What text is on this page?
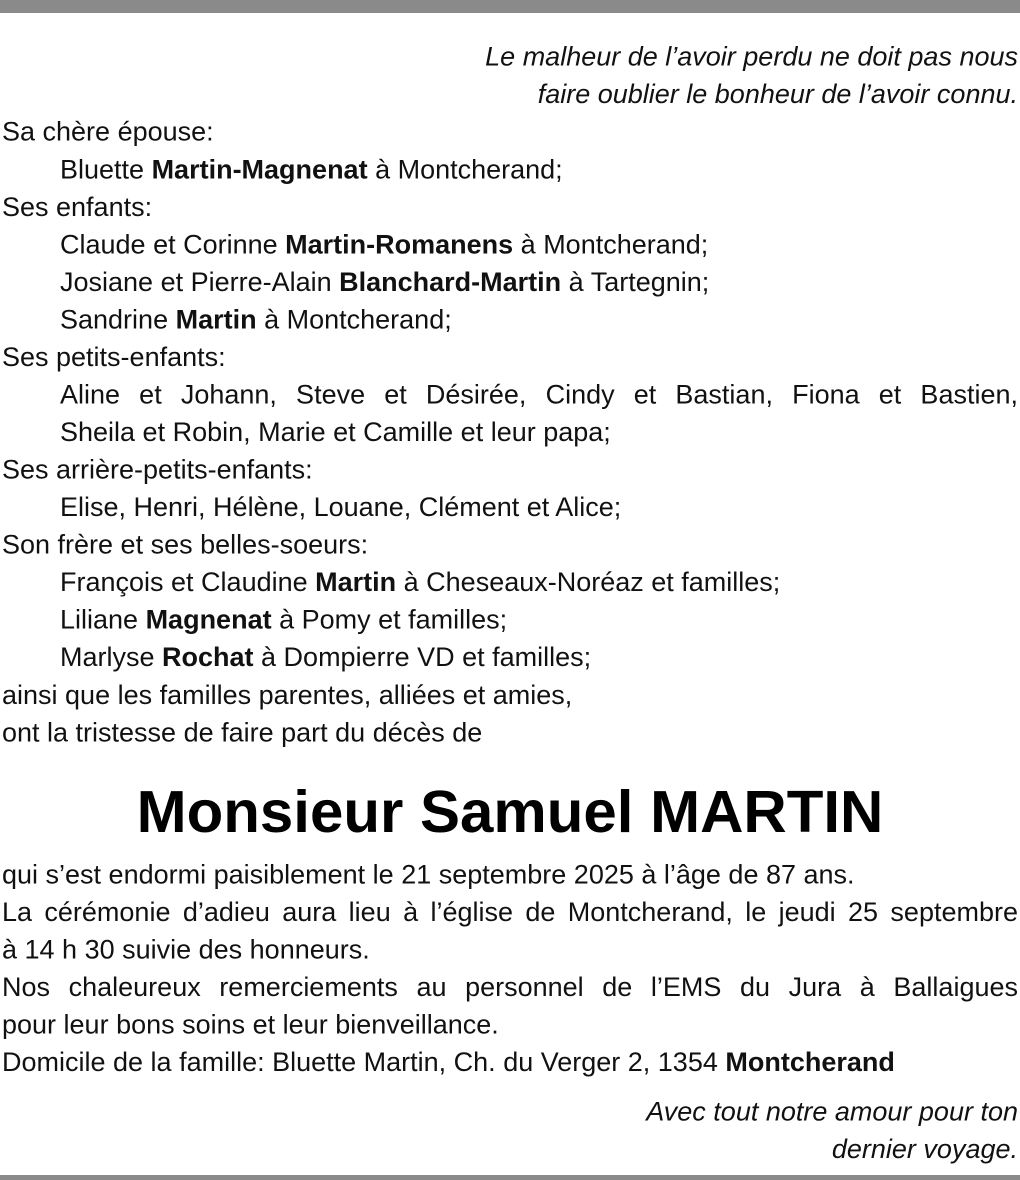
Le malheur de l’avoir perdu ne doit pas nous
faire oublier le bonheur de l’avoir connu.
Sa chère épouse:
Bluette Martin-Magnenat à Montcherand;
Ses enfants:
Claude et Corinne Martin-Romanens à Montcherand;
Josiane et Pierre-Alain Blanchard-Martin à Tartegnin;
Sandrine Martin à Montcherand;
Ses petits-enfants:
Aline et Johann, Steve et Désirée, Cindy et Bastian, Fiona et Bastien,
Sheila et Robin, Marie et Camille et leur papa;
Ses arrière-petits-enfants:
Elise, Henri, Hélène, Louane, Clément et Alice;
Son frère et ses belles-soeurs:
François et Claudine Martin à Cheseaux-Noréaz et familles;
Liliane Magnenat à Pomy et familles;
Marlyse Rochat à Dompierre VD et familles;
ainsi que les familles parentes, alliées et amies,
ont la tristesse de faire part du décès de
Monsieur Samuel MARTIN
qui s’est endormi paisiblement le 21 septembre 2025 à l’âge de 87 ans.
La cérémonie d’adieu aura lieu à l’église de Montcherand, le jeudi 25 septembre
à 14 h 30 suivie des honneurs.
Nos chaleureux remerciements au personnel de l’EMS du Jura à Ballaigues
pour leur bons soins et leur bienveillance.
Domicile de la famille: Bluette Martin, Ch. du Verger 2, 1354 Montcherand
Avec tout notre amour pour ton
dernier voyage.
